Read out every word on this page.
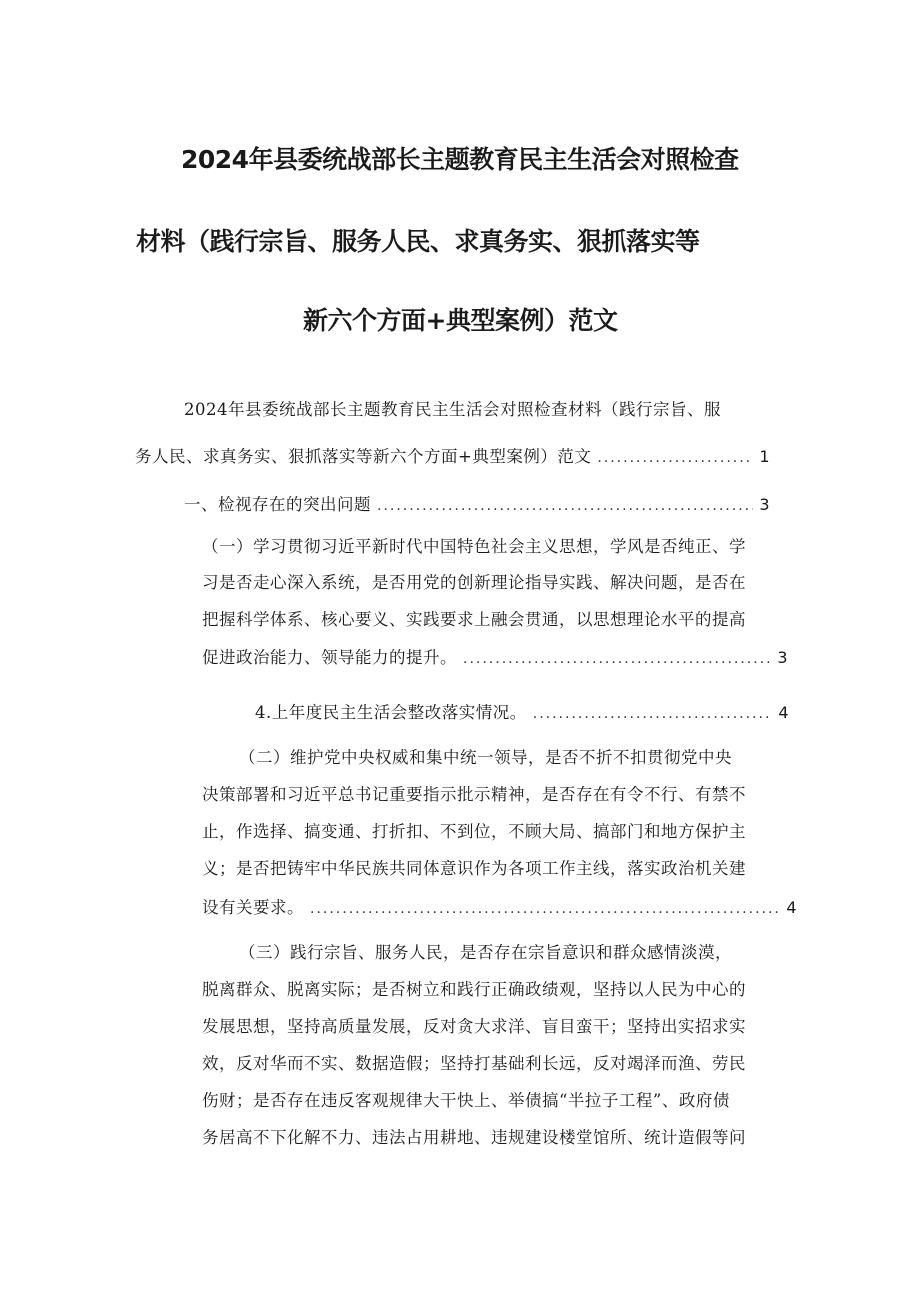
2024年县委统战部长主题教育民主生活会对照检查
材料（践行宗旨、服务人民、求真务实、狠抓落实等
新六个方面+典型案例）范文
2024年县委统战部长主题教育民主生活会对照检查材料（践行宗旨、服
务人民、求真务实、狠抓落实等新六个方面+典型案例）范文 .....	1
一、检视存在的突出问题 .....	3
（一）学习贯彻习近平新时代中国特色社会主义思想，学风是否纯正、学
习是否走心深入系统，是否用党的创新理论指导实践、解决问题，是否在
把握科学体系、核心要义、实践要求上融会贯通，以思想理论水平的提高
促进政治能力、领导能力的提升。 .....	3
4.上年度民主生活会整改落实情况。 .....	4
（二）维护党中央权威和集中统一领导，是否不折不扣贯彻党中央
决策部署和习近平总书记重要指示批示精神，是否存在有令不行、有禁不
止，作选择、搞变通、打折扣、不到位，不顾大局、搞部门和地方保护主
义；是否把铸牢中华民族共同体意识作为各项工作主线，落实政治机关建
设有关要求。 .....	4
（三）践行宗旨、服务人民，是否存在宗旨意识和群众感情淡漠，
脱离群众、脱离实际；是否树立和践行正确政绩观，坚持以人民为中心的
发展思想，坚持高质量发展，反对贪大求洋、盲目蛮干；坚持出实招求实
效，反对华而不实、数据造假；坚持打基础利长远，反对竭泽而渔、劳民
伤财；是否存在违反客观规律大干快上、举债搞“半拉子工程”、政府债
务居高不下化解不力、违法占用耕地、违规建设楼堂馆所、统计造假等问
